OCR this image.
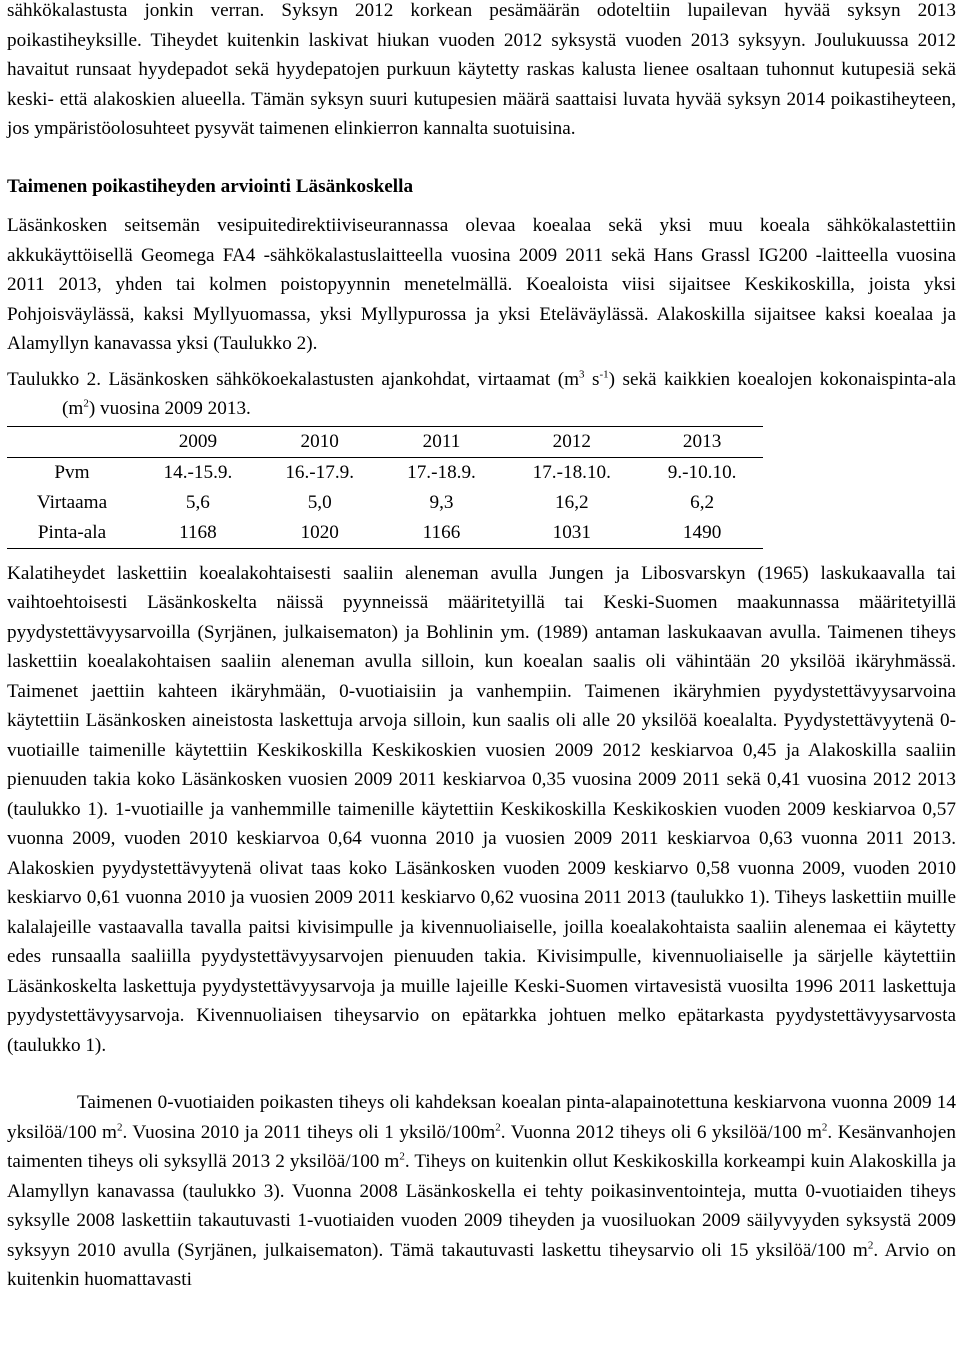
sähkökalastusta jonkin verran. Syksyn 2012 korkean pesämäärän odoteltiin lupailevan hyvää syksyn 2013 poikastiheyksille. Tiheydet kuitenkin laskivat hiukan vuoden 2012 syksystä vuoden 2013 syksyyn. Joulukuussa 2012 havaitut runsaat hyydepadot sekä hyydepatojen purkuun käytetty raskas kalusta lienee osaltaan tuhonnut kutupesiä sekä keski- että alakoskien alueella. Tämän syksyn suuri kutupesien määrä saattaisi luvata hyvää syksyn 2014 poikastiheyteen, jos ympäristöolosuhteet pysyvät taimenen elinkierron kannalta suotuisina.

Taimenen poikastiheyden arviointi Läsänkoskella

Läsänkosken seitsemän vesipuitedirektiiviseurannassa olevaa koealaa sekä yksi muu koeala sähkökalastettiin akkukäyttöisellä Geomega FA4 -sähkökalastuslaitteella vuosina 2009 2011 sekä Hans Grassl IG200 -laitteella vuosina 2011 2013, yhden tai kolmen poistopyynnin menetelmällä. Koealoista viisi sijaitsee Keskikoskilla, joista yksi Pohjoisväylässä, kaksi Myllyuomassa, yksi Myllypurossa ja yksi Eteläväylässä. Alakoskilla sijaitsee kaksi koealaa ja Alamyllyn kanavassa yksi (Taulukko 2).

Taulukko 2. Läsänkosken sähkökoekalastusten ajankohdat, virtaamat ($m^3$ $s^{-1}$) sekä kaikkien koealojen kokonaispinta-ala $(m^2)$ vuosina 2009 2013.

	2009	2010	2011	2012	2013
Pvm	14.-15.9.	16.-17.9.	17.-18.9.	17.-18.10.	9.-10.10.
Virtaama	5,6	5,0	9,3	16,2	6,2
Pinta-ala	1168	1020	1166	1031	1490

Kalatiheydet laskettiin koealakohtaisesti saaliin aleneman avulla Jungen ja Libosvarskyn (1965) laskukaavalla tai vaihtoehtoisesti Läsänkoskelta näissä pyynneissä määritetyillä tai Keski-Suomen maakunnassa määritetyillä pyydystettävyysarvoilla (Syrjänen, julkaisematon) ja Bohlinin ym. (1989) antaman laskukaavan avulla. Taimenen tiheys laskettiin koealakohtaisen saaliin aleneman avulla silloin, kun koealan saalis oli vähintään 20 yksilöä ikäryhmässä. Taimenet jaettiin kahteen ikäryhmään, 0-vuotiaisiin ja vanhempiin. Taimenen ikäryhmien pyydystettävyysarvoina käytettiin Läsänkosken aineistosta laskettuja arvoja silloin, kun saalis oli alle 20 yksilöä koealalta. Pyydystettävyytenä 0-vuotiaille taimenille käytettiin Keskikoskilla Keskikoskien vuosien 2009 2012 keskiarvoa 0,45 ja Alakoskilla saaliin pienuuden takia koko Läsänkosken vuosien 2009 2011 keskiarvoa 0,35 vuosina 2009 2011 sekä 0,41 vuosina 2012 2013 (taulukko 1). 1-vuotiaille ja vanhemmille taimenille käytettiin Keskikoskilla Keskikoskien vuoden 2009 keskiarvoa 0,57 vuonna 2009, vuoden 2010 keskiarvoa 0,64 vuonna 2010 ja vuosien 2009 2011 keskiarvoa 0,63 vuonna 2011 2013. Alakoskien pyydystettävyytenä olivat taas koko Läsänkosken vuoden 2009 keskiarvo 0,58 vuonna 2009, vuoden 2010 keskiarvo 0,61 vuonna 2010 ja vuosien 2009 2011 keskiarvo 0,62 vuosina 2011 2013 (taulukko 1). Tiheys laskettiin muille kalalajeille vastaavalla tavalla paitsi kivisimpulle ja kivennuoliaiselle, joilla koealakohtaista saaliin alenemaa ei käytetty edes runsaalla saaliilla pyydystettävyysarvojen pienuuden takia. Kivisimpulle, kivennuoliaiselle ja särjelle käytettiin Läsänkoskelta laskettuja pyydystettävyysarvoja ja muille lajeille Keski-Suomen virtavesistä vuosilta 1996 2011 laskettuja pyydystettävyysarvoja. Kivennuoliaisen tiheysarvio on epätarkka johtuen melko epätarkasta pyydystettävyysarvosta (taulukko 1).

Taimenen 0-vuotiaiden poikasten tiheys oli kahdeksan koealan pinta-alapainotettuna keskiarvona vuonna 2009 14 yksilöä/100 $m^2$. Vuosina 2010 ja 2011 tiheys oli 1 yksilö/$100m^2$. Vuonna 2012 tiheys oli 6 yksilöä/100 $m^2$. Kesänvanhojen taimenten tiheys oli syksyllä 2013 2 yksilöä/100 $m^2$. Tiheys on kuitenkin ollut Keskikoskilla korkeampi kuin Alakoskilla ja Alamyllyn kanavassa (taulukko 3). Vuonna 2008 Läsänkoskella ei tehty poikasinventointeja, mutta 0-vuotiaiden tiheys syksylle 2008 laskettiin takautuvasti 1-vuotiaiden vuoden 2009 tiheyden ja vuosiluokan 2009 säilyvyyden syksystä 2009 syksyyn 2010 avulla (Syrjänen, julkaisematon). Tämä takautuvasti laskettu tiheysarvio oli 15 yksilöä/100 $m^2$. Arvio on kuitenkin huomattavasti
